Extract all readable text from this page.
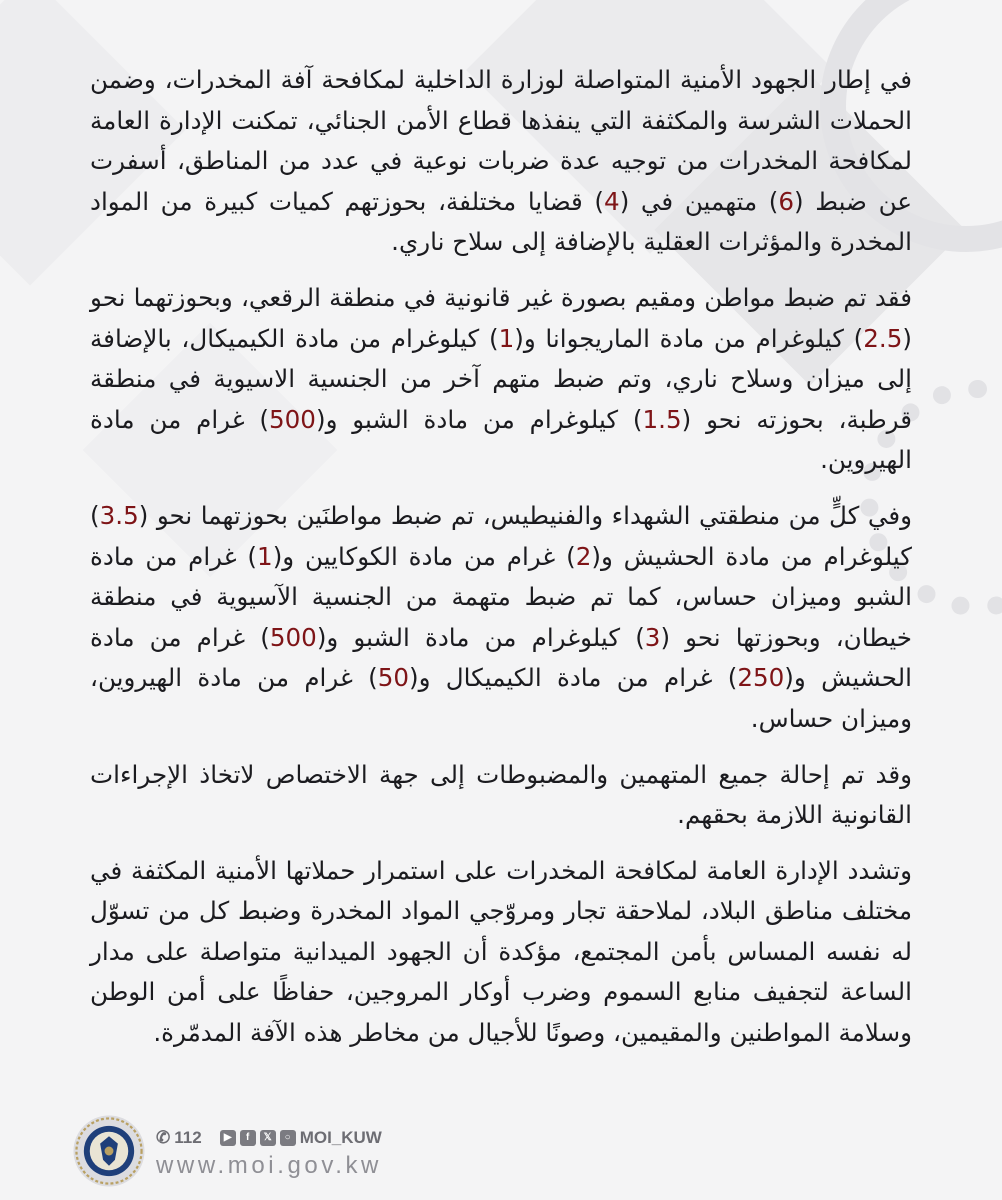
في إطار الجهود الأمنية المتواصلة لوزارة الداخلية لمكافحة آفة المخدرات، وضمن الحملات الشرسة والمكثفة التي ينفذها قطاع الأمن الجنائي، تمكنت الإدارة العامة لمكافحة المخدرات من توجيه عدة ضربات نوعية في عدد من المناطق، أسفرت عن ضبط (6) متهمين في (4) قضايا مختلفة، بحوزتهم كميات كبيرة من المواد المخدرة والمؤثرات العقلية بالإضافة إلى سلاح ناري.

فقد تم ضبط مواطن ومقيم بصورة غير قانونية في منطقة الرقعي، وبحوزتهما نحو (2.5) كيلوغرام من مادة الماريجوانا و(1) كيلوغرام من مادة الكيميكال، بالإضافة إلى ميزان وسلاح ناري، وتم ضبط متهم آخر من الجنسية الاسيوية في منطقة قرطبة، بحوزته نحو (1.5) كيلوغرام من مادة الشبو و(500) غرام من مادة الهيروين.

وفي كلٍّ من منطقتي الشهداء والفنيطيس، تم ضبط مواطنَين بحوزتهما نحو (3.5) كيلوغرام من مادة الحشيش و(2) غرام من مادة الكوكايين و(1) غرام من مادة الشبو وميزان حساس، كما تم ضبط متهمة من الجنسية الآسيوية في منطقة خيطان، وبحوزتها نحو (3) كيلوغرام من مادة الشبو و(500) غرام من مادة الحشيش و(250) غرام من مادة الكيميكال و(50) غرام من مادة الهيروين، وميزان حساس.

وقد تم إحالة جميع المتهمين والمضبوطات إلى جهة الاختصاص لاتخاذ الإجراءات القانونية اللازمة بحقهم.

وتشدد الإدارة العامة لمكافحة المخدرات على استمرار حملاتها الأمنية المكثفة في مختلف مناطق البلاد، لملاحقة تجار ومروّجي المواد المخدرة وضبط كل من تسوّل له نفسه المساس بأمن المجتمع، مؤكدة أن الجهود الميدانية متواصلة على مدار الساعة لتجفيف منابع السموم وضرب أوكار المروجين، حفاظًا على أمن الوطن وسلامة المواطنين والمقيمين، وصونًا للأجيال من مخاطر هذه الآفة المدمّرة.

✆ 112	▶	f	𝕏	○ MOI_KUW
www.moi.gov.kw
